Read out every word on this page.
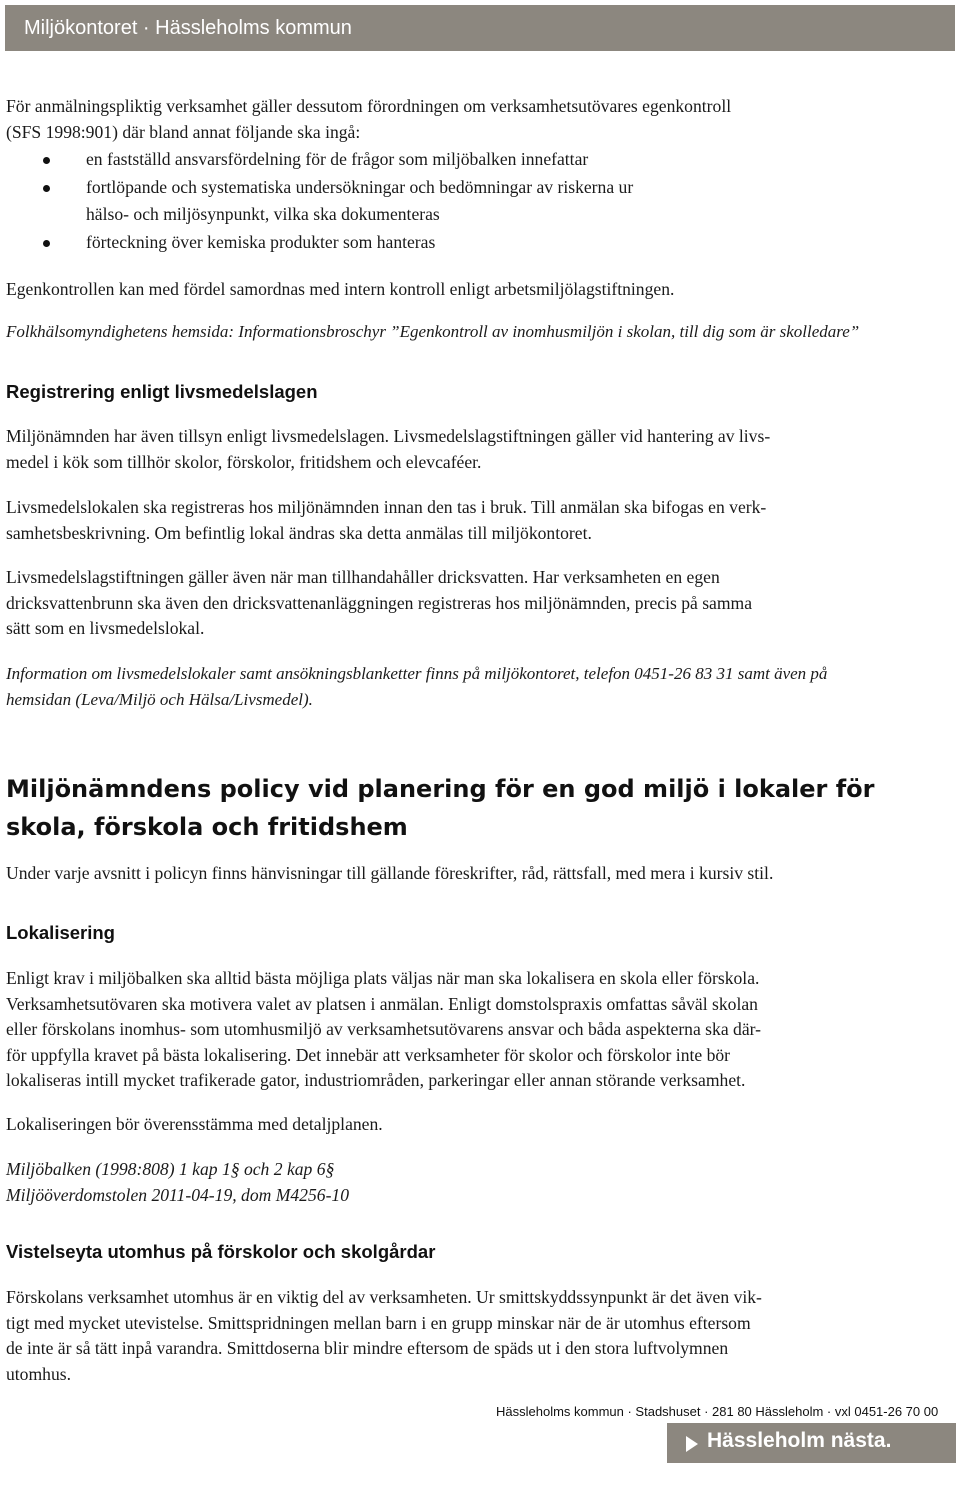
Miljökontoret · Hässleholms kommun
För anmälningspliktig verksamhet gäller dessutom förordningen om verksamhetsutövares egenkontroll
(SFS 1998:901) där bland annat följande ska ingå:
en fastställd ansvarsfördelning för de frågor som miljöbalken innefattar
fortlöpande och systematiska undersökningar och bedömningar av riskerna ur
hälso- och miljösynpunkt, vilka ska dokumenteras
förteckning över kemiska produkter som hanteras
Egenkontrollen kan med fördel samordnas med intern kontroll enligt arbetsmiljölagstiftningen.
Folkhälsomyndighetens hemsida: Informationsbroschyr ”Egenkontroll av inomhusmiljön i skolan, till dig som är skolledare”
Registrering enligt livsmedelslagen
Miljönämnden har även tillsyn enligt livsmedelslagen. Livsmedelslagstiftningen gäller vid hantering av livs-
medel i kök som tillhör skolor, förskolor, fritidshem och elevcaféer.
Livsmedelslokalen ska registreras hos miljönämnden innan den tas i bruk. Till anmälan ska bifogas en verk-
samhetsbeskrivning. Om befintlig lokal ändras ska detta anmälas till miljökontoret.
Livsmedelslagstiftningen gäller även när man tillhandahåller dricksvatten. Har verksamheten en egen
dricksvattenbrunn ska även den dricksvattenanläggningen registreras hos miljönämnden, precis på samma
sätt som en livsmedelslokal.
Information om livsmedelslokaler samt ansökningsblanketter finns på miljökontoret, telefon 0451-26 83 31 samt även på
hemsidan (Leva/Miljö och Hälsa/Livsmedel).
Miljönämndens policy vid planering för en god miljö i lokaler för
skola, förskola och fritidshem
Under varje avsnitt i policyn finns hänvisningar till gällande föreskrifter, råd, rättsfall, med mera i kursiv stil.
Lokalisering
Enligt krav i miljöbalken ska alltid bästa möjliga plats väljas när man ska lokalisera en skola eller förskola.
Verksamhetsutövaren ska motivera valet av platsen i anmälan. Enligt domstolspraxis omfattas såväl skolan
eller förskolans inomhus- som utomhusmiljö av verksamhetsutövarens ansvar och båda aspekterna ska där-
för uppfylla kravet på bästa lokalisering. Det innebär att verksamheter för skolor och förskolor inte bör
lokaliseras intill mycket trafikerade gator, industriområden, parkeringar eller annan störande verksamhet.
Lokaliseringen bör överensstämma med detaljplanen.
Miljöbalken (1998:808) 1 kap 1§ och 2 kap 6§
Miljööverdomstolen 2011-04-19, dom M4256-10
Vistelseyta utomhus på förskolor och skolgårdar
Förskolans verksamhet utomhus är en viktig del av verksamheten. Ur smittskyddssynpunkt är det även vik-
tigt med mycket utevistelse. Smittspridningen mellan barn i en grupp minskar när de är utomhus eftersom
de inte är så tätt inpå varandra. Smittdoserna blir mindre eftersom de späds ut i den stora luftvolymnen
utomhus.
Hässleholms kommun · Stadshuset · 281 80 Hässleholm · vxl 0451-26 70 00
Hässleholm nästa.
